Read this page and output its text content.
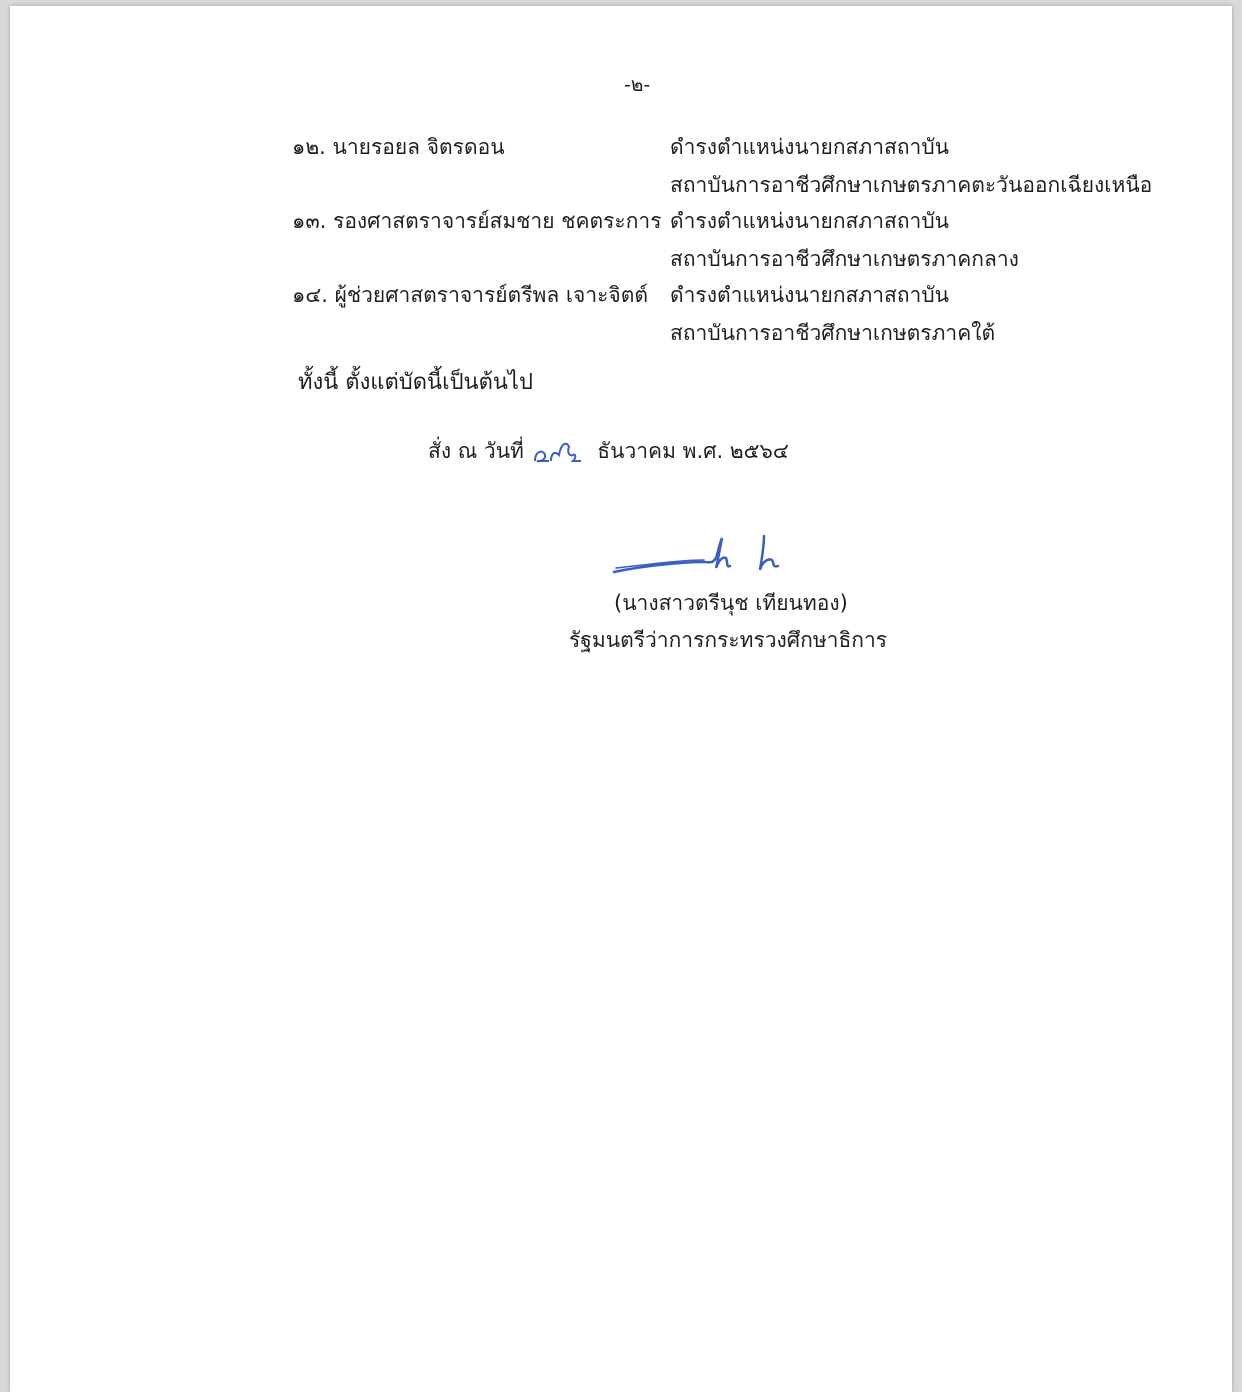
-๒-
๑๒. นายรอยล จิตรดอน	ดำรงตำแหน่งนายกสภาสถาบัน
สถาบันการอาชีวศึกษาเกษตรภาคตะวันออกเฉียงเหนือ
๑๓. รองศาสตราจารย์สมชาย ชคตระการ ดำรงตำแหน่งนายกสภาสถาบัน
สถาบันการอาชีวศึกษาเกษตรภาคกลาง
๑๔. ผู้ช่วยศาสตราจารย์ตรีพล เจาะจิตต์ ดำรงตำแหน่งนายกสภาสถาบัน
สถาบันการอาชีวศึกษาเกษตรภาคใต้
ทั้งนี้ ตั้งแต่บัดนี้เป็นต้นไป
สั่ง ณ วันที่	ธันวาคม พ.ศ. ๒๕๖๔
(นางสาวตรีนุช เทียนทอง)
รัฐมนตรีว่าการกระทรวงศึกษาธิการ
